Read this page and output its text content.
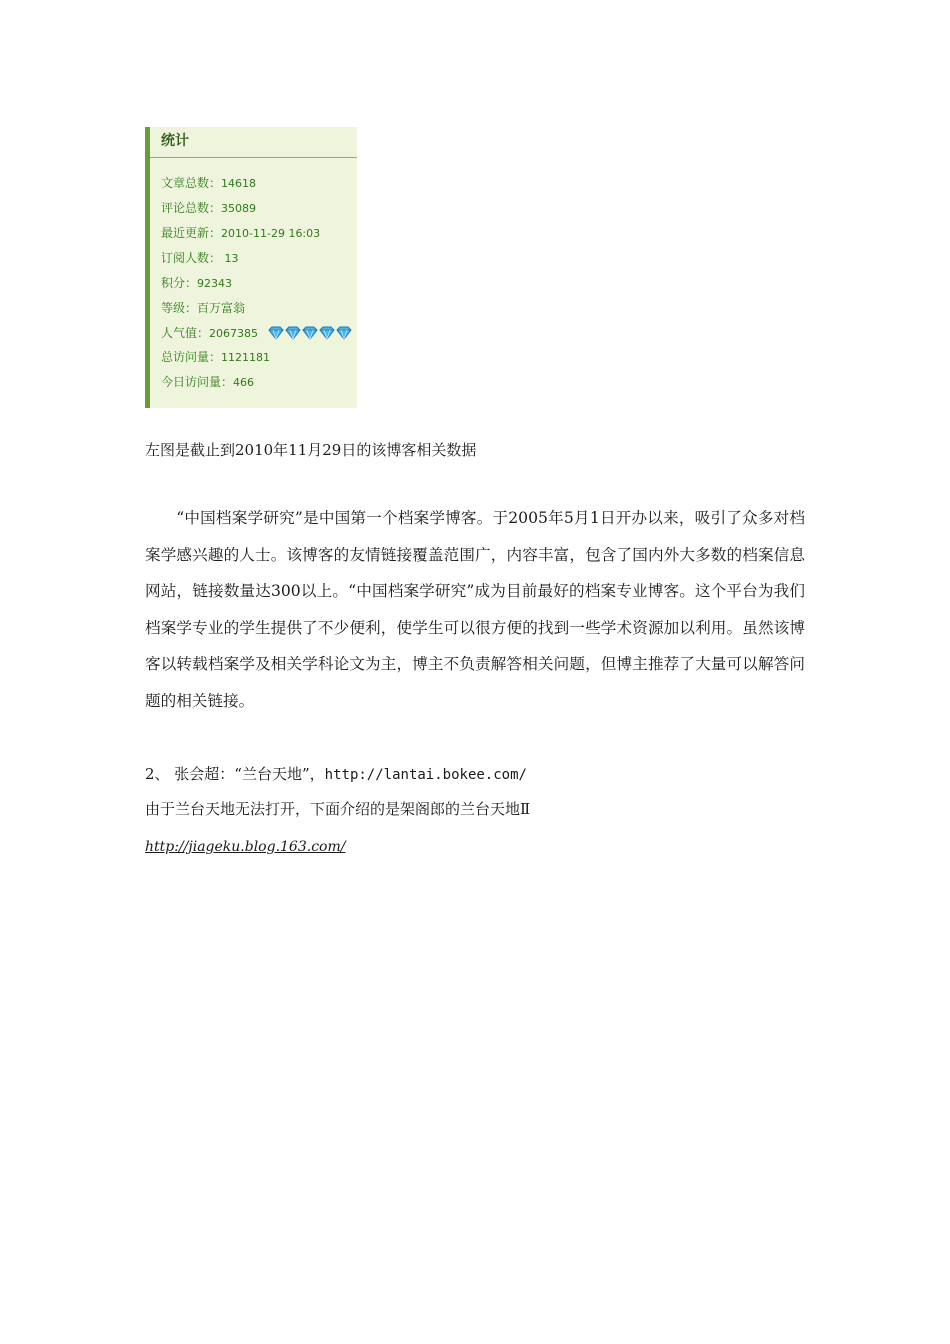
统计
文章总数：14618
评论总数：35089
最近更新：2010-11-29 16:03
订阅人数： 13
积分：92343
等级：百万富翁
人气值：2067385
总访问量：1121181
今日访问量：466
左图是截止到2010年11月29日的该博客相关数据

“中国档案学研究”是中国第一个档案学博客。于2005年5月1日开办以来，吸引了众多对档案学感兴趣的人士。该博客的友情链接覆盖范围广，内容丰富，包含了国内外大多数的档案信息网站，链接数量达300以上。“中国档案学研究”成为目前最好的档案专业博客。这个平台为我们档案学专业的学生提供了不少便利，使学生可以很方便的找到一些学术资源加以利用。虽然该博客以转载档案学及相关学科论文为主，博主不负责解答相关问题，但博主推荐了大量可以解答问题的相关链接。

2、 张会超：“兰台天地”，http://lantai.bokee.com/
由于兰台天地无法打开，下面介绍的是架阁郎的兰台天地Ⅱ
http://jiageku.blog.163.com/
